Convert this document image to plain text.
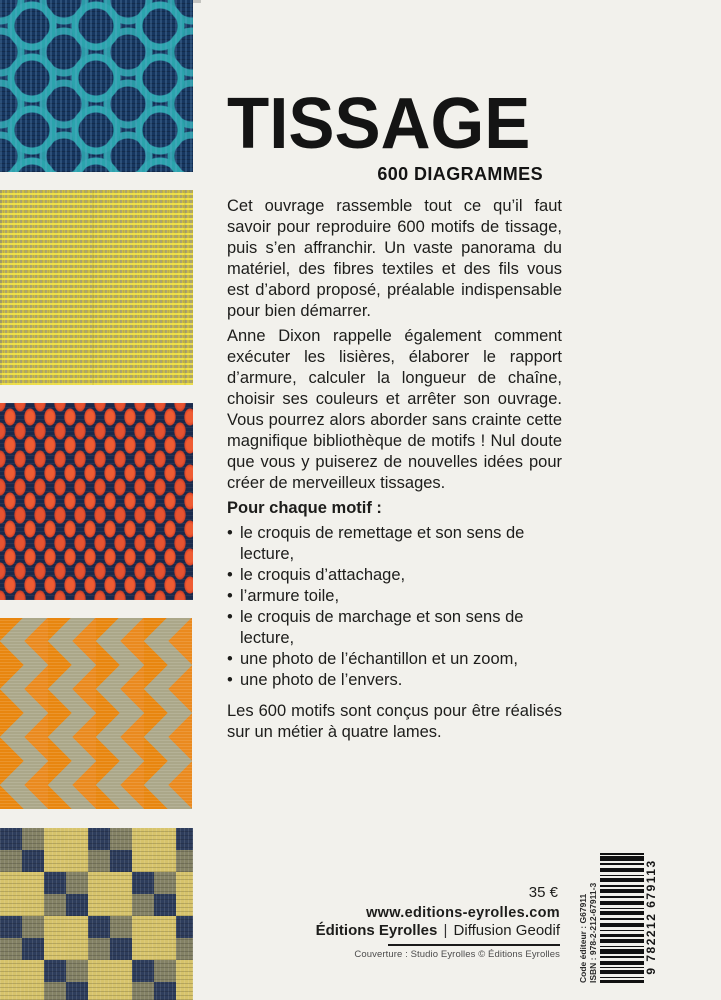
TISSAGE
600 DIAGRAMMES

Cet ouvrage rassemble tout ce qu’il faut savoir pour reproduire 600 motifs de tissage, puis s’en affranchir. Un vaste panorama du matériel, des fibres textiles et des fils vous est d’abord proposé, préalable indispensable pour bien démarrer.

Anne Dixon rappelle également comment exécuter les lisières, élaborer le rapport d’armure, calculer la longueur de chaîne, choisir ses couleurs et arrêter son ouvrage. Vous pourrez alors aborder sans crainte cette magnifique bibliothèque de motifs ! Nul doute que vous y puiserez de nouvelles idées pour créer de merveilleux tissages.

Pour chaque motif :

• le croquis de remettage et son sens de lecture,
• le croquis d’attachage,
• l’armure toile,
• le croquis de marchage et son sens de lecture,
• une photo de l’échantillon et un zoom,
• une photo de l’envers.

Les 600 motifs sont conçus pour être réalisés sur un métier à quatre lames.

35 €

www.editions-eyrolles.com

Éditions Eyrolles | Diffusion Geodif

Couverture : Studio Eyrolles © Éditions Eyrolles Code éditeur : G67911 ISBN : 978-2-212-67911-3	9 782212 679113
